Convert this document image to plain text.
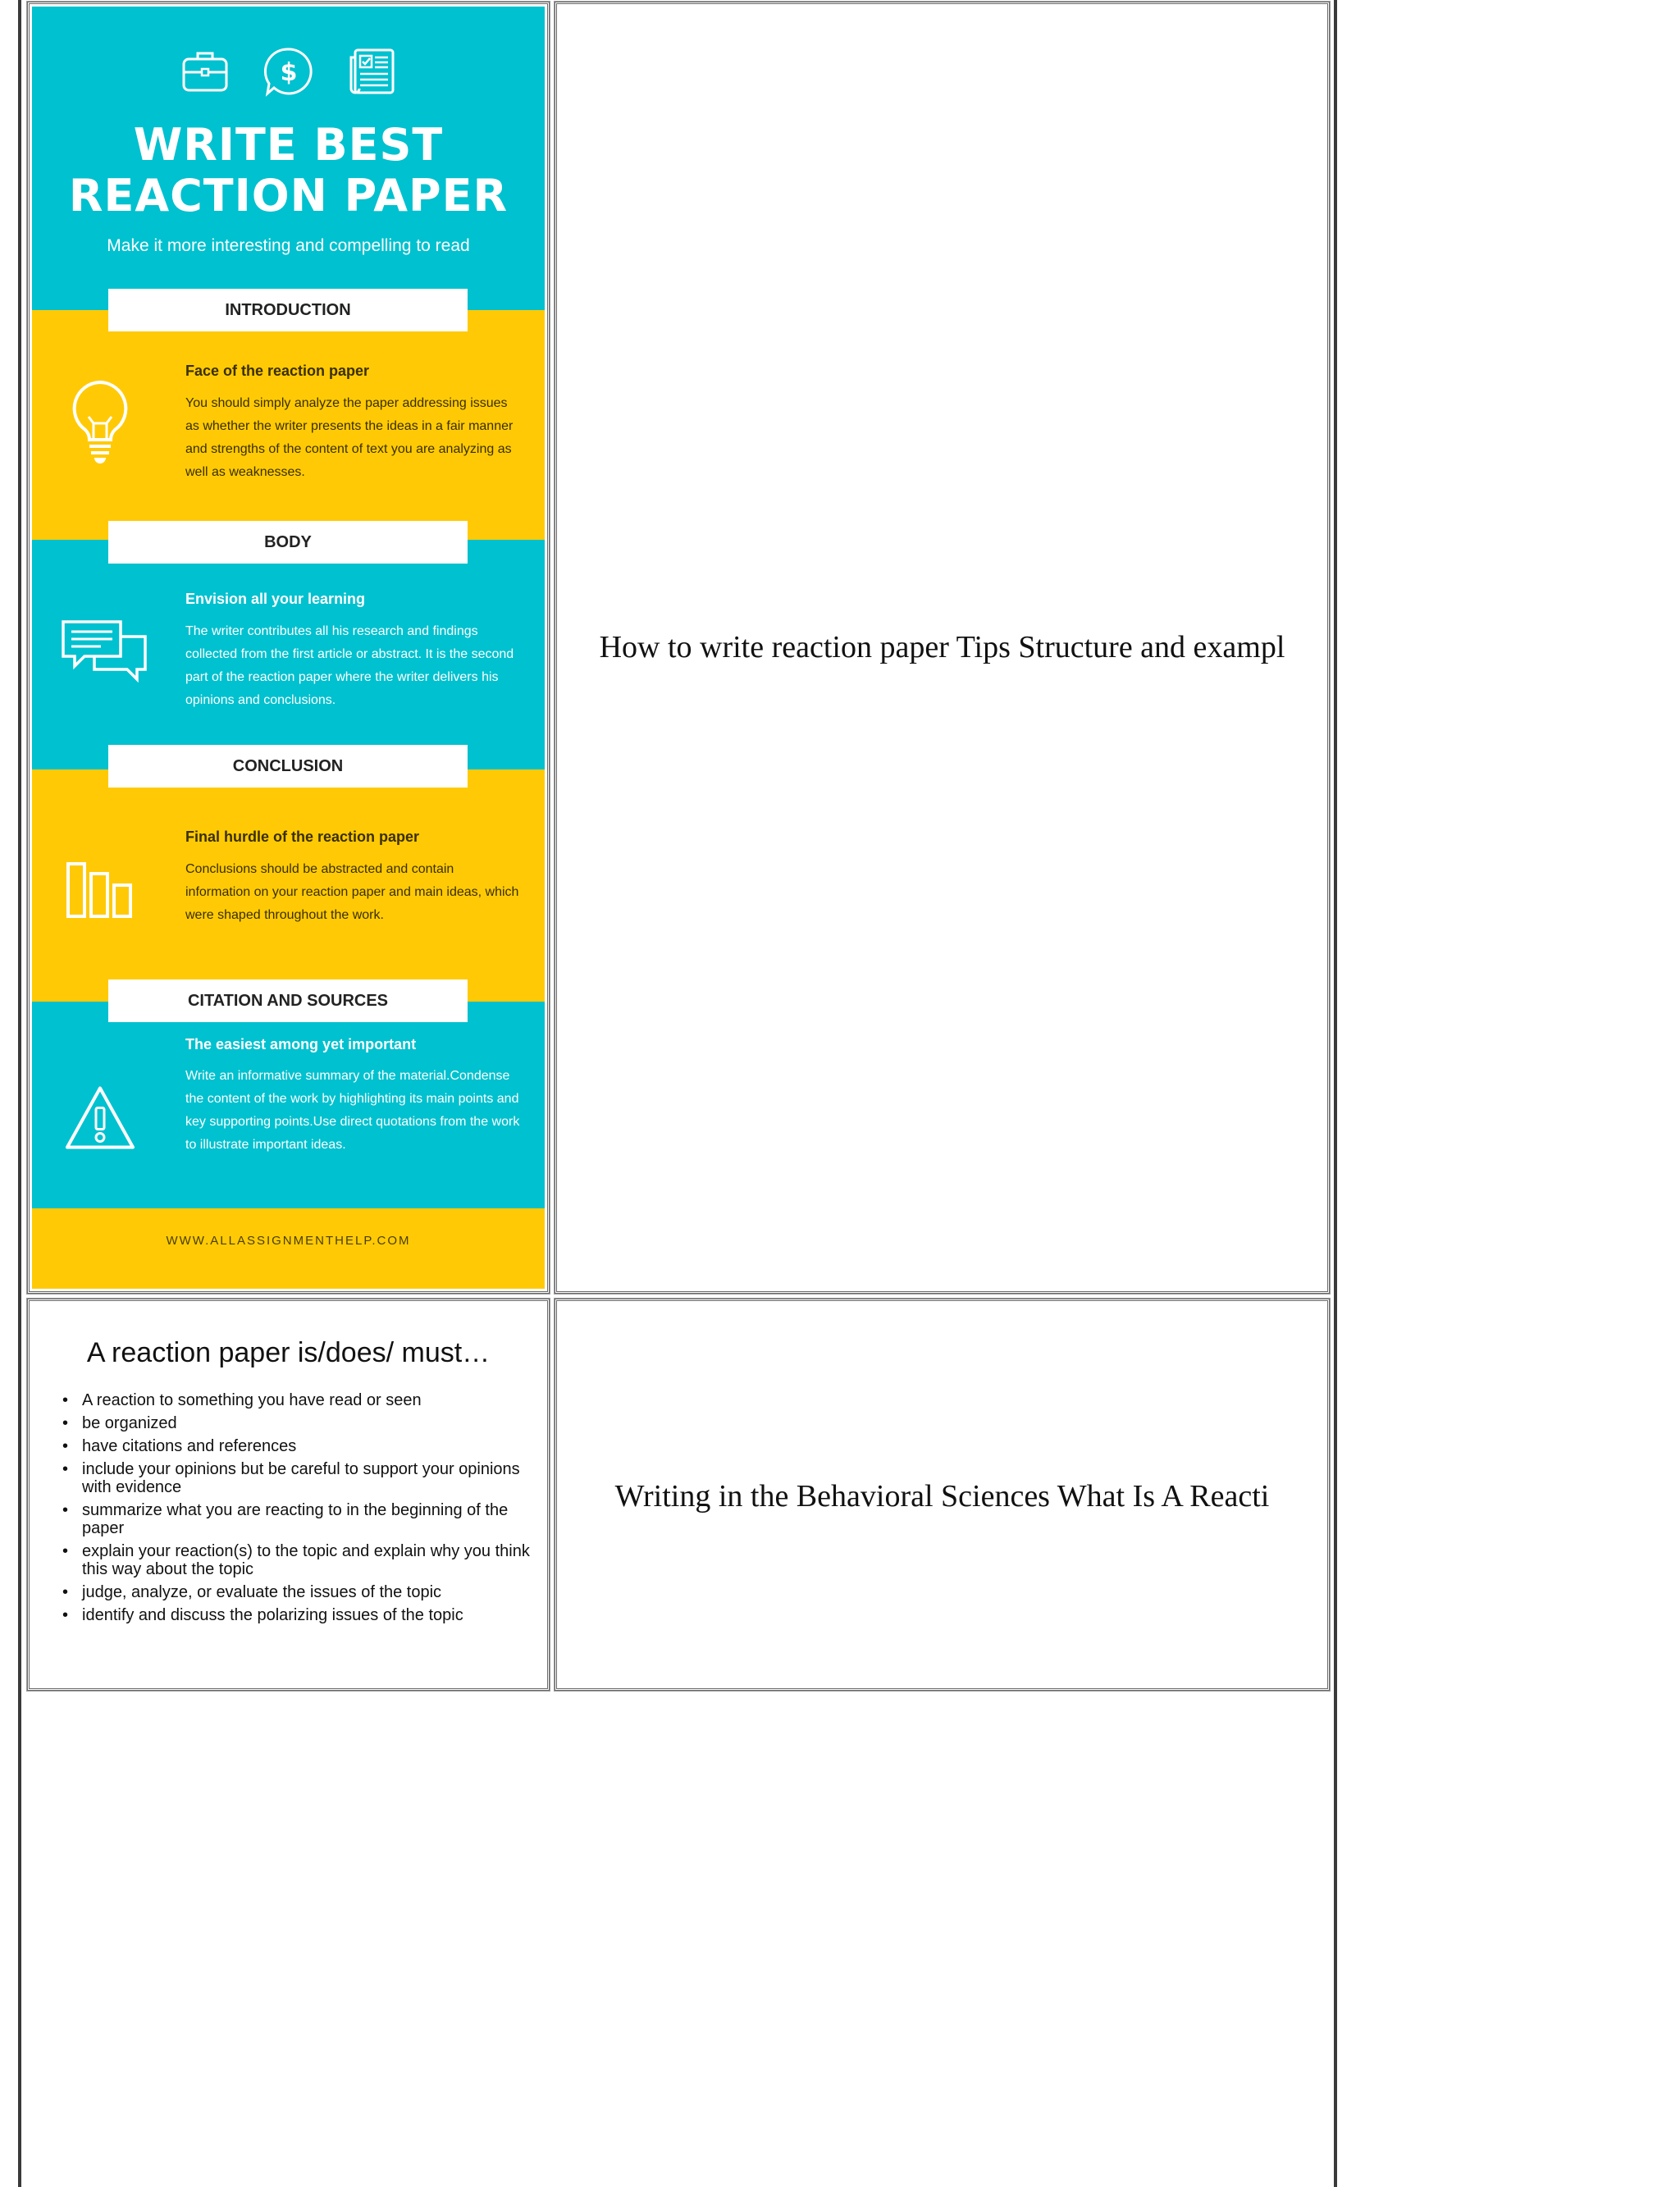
$
WRITE BEST
REACTION PAPER
Make it more interesting and compelling to read
INTRODUCTION
Face of the reaction paper
You should simply analyze the paper addressing issues as whether the writer presents the ideas in a fair manner and strengths of the content of text you are analyzing as well as weaknesses.
BODY
Envision all your learning
The writer contributes all his research and findings collected from the first article or abstract. It is the second part of the reaction paper where the writer delivers his opinions and conclusions.
CONCLUSION
Final hurdle of the reaction paper
Conclusions should be abstracted and contain information on your reaction paper and main ideas, which were shaped throughout the work.
CITATION AND SOURCES
The easiest among yet important
Write an informative summary of the material.Condense the content of the work by highlighting its main points and key supporting points.Use direct quotations from the work to illustrate important ideas.
WWW.ALLASSIGNMENTHELP.COM
How to write reaction paper Tips Structure and exampl
A reaction paper is/does/ must…
• A reaction to something you have read or seen
• be organized
• have citations and references
• include your opinions but be careful to support your opinions with evidence
• summarize what you are reacting to in the beginning of the paper
• explain your reaction(s) to the topic and explain why you think this way about the topic
• judge, analyze, or evaluate the issues of the topic
• identify and discuss the polarizing issues of the topic
Writing in the Behavioral Sciences What Is A Reacti
